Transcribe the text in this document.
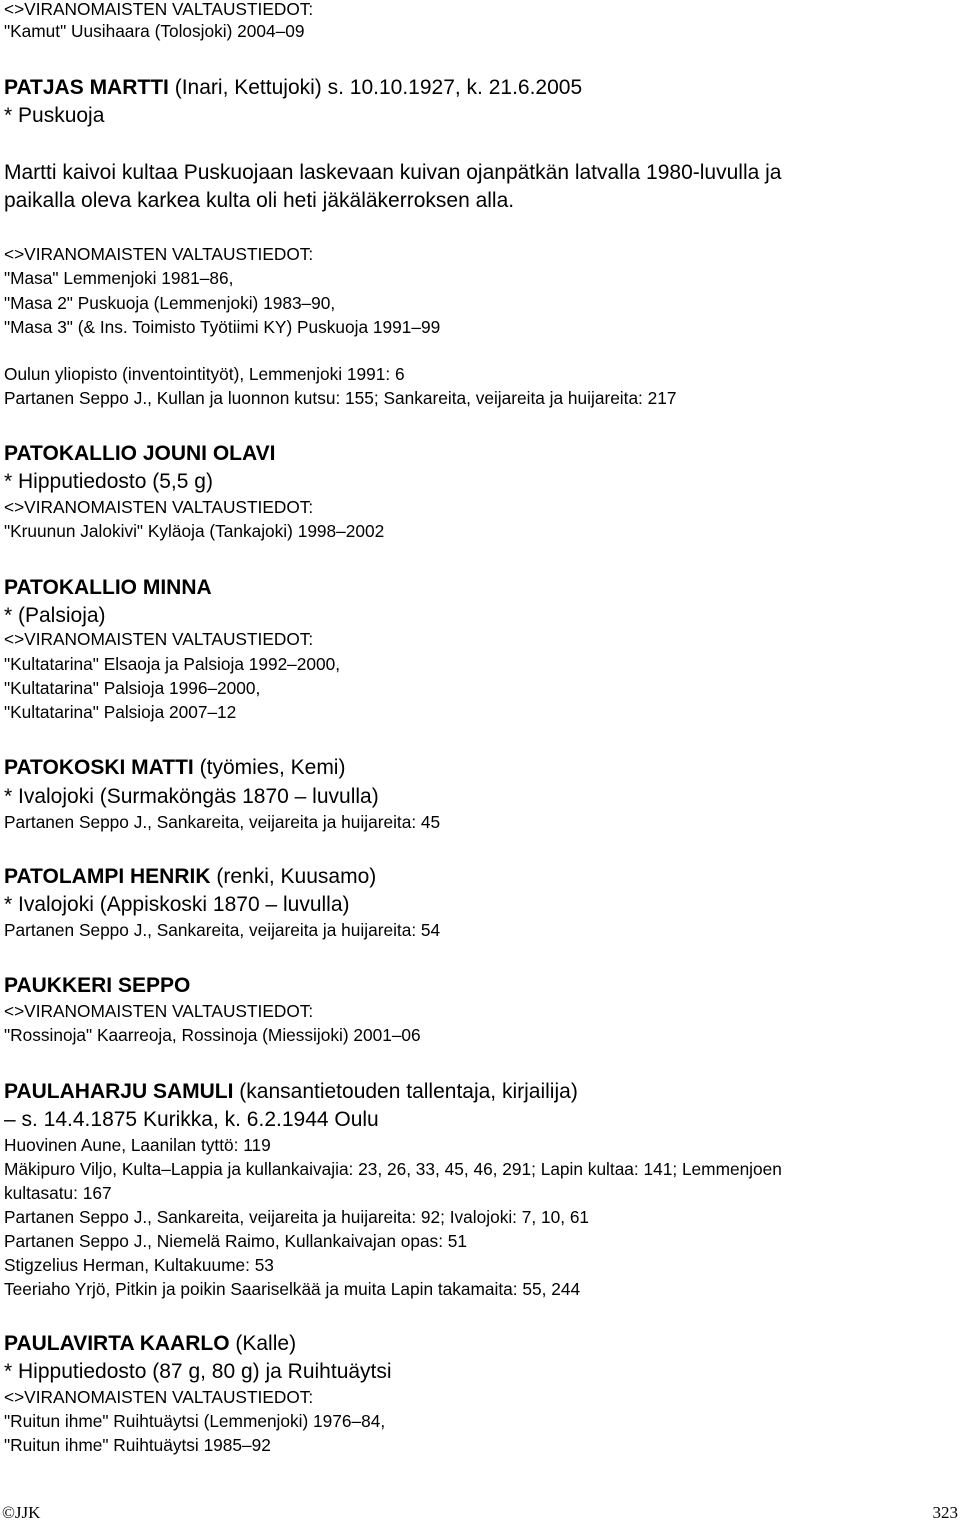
<>VIRANOMAISTEN VALTAUSTIEDOT:
"Kamut" Uusihaara (Tolosjoki) 2004–09
PATJAS MARTTI (Inari, Kettujoki) s. 10.10.1927, k. 21.6.2005
* Puskuoja
Martti kaivoi kultaa Puskuojaan laskevaan kuivan ojanpätkän latvalla 1980-luvulla ja
paikalla oleva karkea kulta oli heti jäkäläkerroksen alla.
<>VIRANOMAISTEN VALTAUSTIEDOT:
"Masa" Lemmenjoki 1981–86,
"Masa 2" Puskuoja (Lemmenjoki) 1983–90,
"Masa 3" (& Ins. Toimisto Työtiimi KY) Puskuoja 1991–99
Oulun yliopisto (inventointityöt), Lemmenjoki 1991: 6
Partanen Seppo J., Kullan ja luonnon kutsu: 155; Sankareita, veijareita ja huijareita: 217
PATOKALLIO JOUNI OLAVI
* Hipputiedosto (5,5 g)
<>VIRANOMAISTEN VALTAUSTIEDOT:
"Kruunun Jalokivi" Kyläoja (Tankajoki) 1998–2002
PATOKALLIO MINNA
* (Palsioja)
<>VIRANOMAISTEN VALTAUSTIEDOT:
"Kultatarina" Elsaoja ja Palsioja 1992–2000,
"Kultatarina" Palsioja 1996–2000,
"Kultatarina" Palsioja 2007–12
PATOKOSKI MATTI (työmies, Kemi)
* Ivalojoki (Surmaköngäs 1870 – luvulla)
Partanen Seppo J., Sankareita, veijareita ja huijareita: 45
PATOLAMPI HENRIK (renki, Kuusamo)
* Ivalojoki (Appiskoski 1870 – luvulla)
Partanen Seppo J., Sankareita, veijareita ja huijareita: 54
PAUKKERI SEPPO
<>VIRANOMAISTEN VALTAUSTIEDOT:
"Rossinoja" Kaarreoja, Rossinoja (Miessijoki) 2001–06
PAULAHARJU SAMULI (kansantietouden tallentaja, kirjailija)
– s. 14.4.1875 Kurikka, k. 6.2.1944 Oulu
Huovinen Aune, Laanilan tyttö: 119
Mäkipuro Viljo, Kulta–Lappia ja kullankaivajia: 23, 26, 33, 45, 46, 291; Lapin kultaa: 141; Lemmenjoen
kultasatu: 167
Partanen Seppo J., Sankareita, veijareita ja huijareita: 92; Ivalojoki: 7, 10, 61
Partanen Seppo J., Niemelä Raimo, Kullankaivajan opas: 51
Stigzelius Herman, Kultakuume: 53
Teeriaho Yrjö, Pitkin ja poikin Saariselkää ja muita Lapin takamaita: 55, 244
PAULAVIRTA KAARLO (Kalle)
* Hipputiedosto (87 g, 80 g) ja Ruihtuäytsi
<>VIRANOMAISTEN VALTAUSTIEDOT:
"Ruitun ihme" Ruihtuäytsi (Lemmenjoki) 1976–84,
"Ruitun ihme" Ruihtuäytsi 1985–92
©JJK	323
